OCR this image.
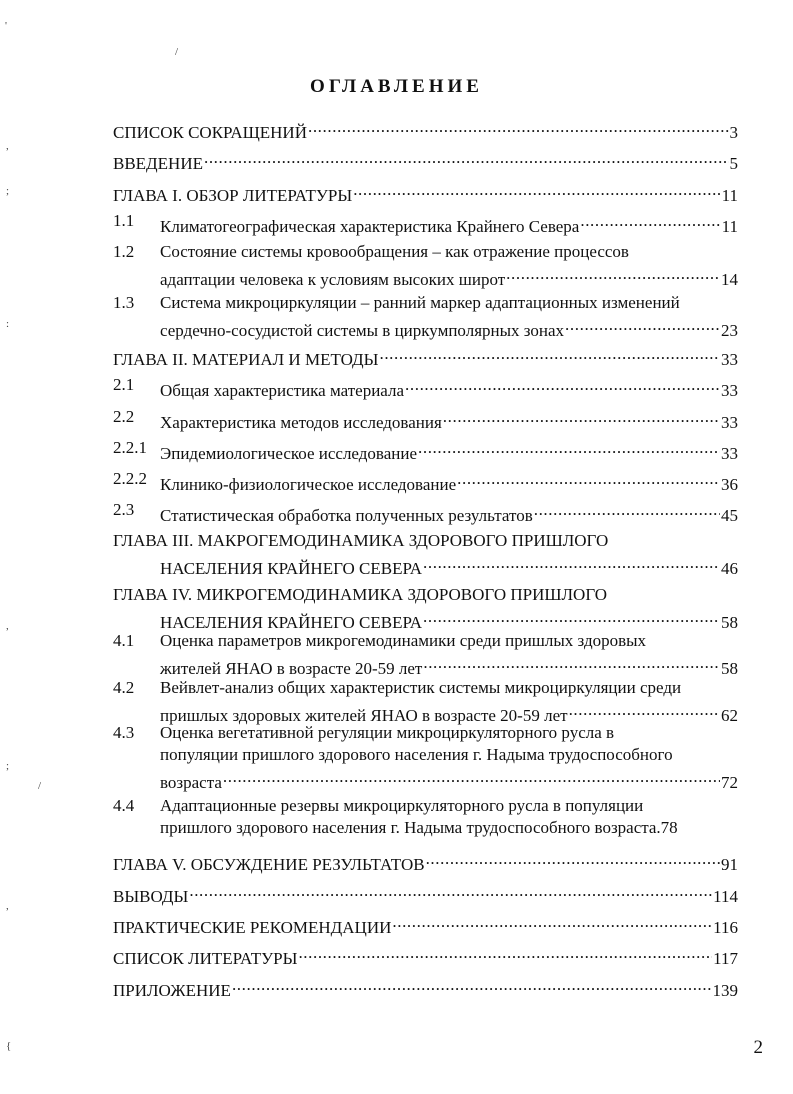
'
/
,
;
:
,
;
/
,
{
ОГЛАВЛЕНИЕ
СПИСОК СОКРАЩЕНИЙ .....	3
ВВЕДЕНИЕ .....	5
ГЛАВА I. ОБЗОР ЛИТЕРАТУРЫ .....	11
1.1	Климатогеографическая характеристика Крайнего Севера .....	11
1.2	Состояние системы кровообращения – как отражение процессов
адаптации человека к условиям высоких широт .....	14
1.3	Система микроциркуляции – ранний маркер адаптационных изменений
сердечно-сосудистой системы в циркумполярных зонах .....	23
ГЛАВА II. МАТЕРИАЛ И МЕТОДЫ .....	33
2.1	Общая характеристика материала .....	33
2.2	Характеристика методов исследования .....	33
2.2.1 Эпидемиологическое исследование .....	33
2.2.2 Клинико-физиологическое исследование .....	36
2.3	Статистическая обработка полученных результатов .....	45
ГЛАВА III. МАКРОГЕМОДИНАМИКА ЗДОРОВОГО ПРИШЛОГО
НАСЕЛЕНИЯ КРАЙНЕГО СЕВЕРА .....	46
ГЛАВА IV. МИКРОГЕМОДИНАМИКА ЗДОРОВОГО ПРИШЛОГО
НАСЕЛЕНИЯ КРАЙНЕГО СЕВЕРА .....	58
4.1	Оценка параметров микрогемодинамики среди пришлых здоровых
жителей ЯНАО в возрасте 20-59 лет .....	58
4.2	Вейвлет-анализ общих характеристик системы микроциркуляции среди
пришлых здоровых жителей ЯНАО в возрасте 20-59 лет .....	62
4.3	Оценка вегетативной регуляции микроциркуляторного русла в
популяции пришлого здорового населения г. Надыма трудоспособного
возраста .....	72
4.4	Адаптационные резервы микроциркуляторного русла в популяции
пришлого здорового населения г. Надыма трудоспособного возраста.78
ГЛАВА V. ОБСУЖДЕНИЕ РЕЗУЛЬТАТОВ .....	91
ВЫВОДЫ .....	114
ПРАКТИЧЕСКИЕ РЕКОМЕНДАЦИИ .....	116
СПИСОК ЛИТЕРАТУРЫ .....	117
ПРИЛОЖЕНИЕ .....	139
2
